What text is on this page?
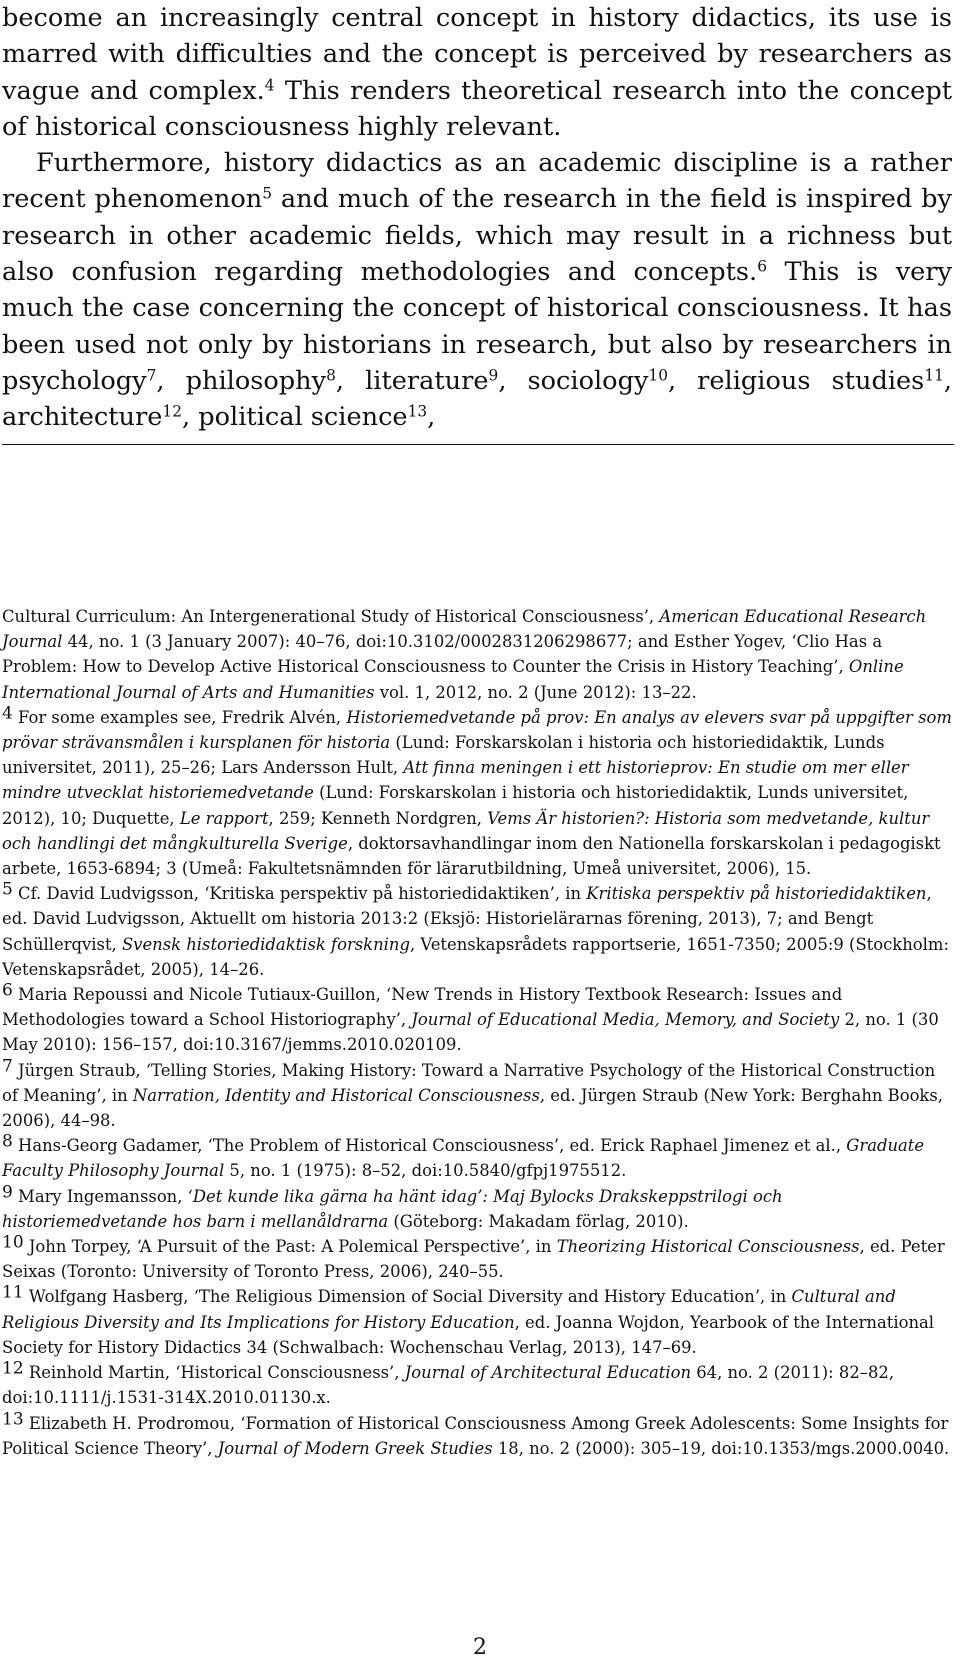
become an increasingly central concept in history didactics, its use is marred with difficulties and the concept is perceived by researchers as vague and complex.$^4$ This renders theoretical research into the concept of historical consciousness highly relevant.

Furthermore, history didactics as an academic discipline is a rather recent phenomenon$^5$ and much of the research in the field is inspired by research in other academic fields, which may result in a richness but also confusion regarding methodologies and concepts.$^6$ This is very much the case concerning the concept of historical consciousness. It has been used not only by historians in research, but also by researchers in psychology$^7$, philosophy$^8$, literature$^9$, sociology$^{10}$, religious studies$^{11}$, architecture$^{12}$, political science$^{13}$,

Cultural Curriculum: An Intergenerational Study of Historical Consciousness’, American Educational Research Journal 44, no. 1 (3 January 2007): 40–76, doi:10.3102/0002831206298677; and Esther Yogev, ‘Clio Has a Problem: How to Develop Active Historical Consciousness to Counter the Crisis in History Teaching’, Online International Journal of Arts and Humanities vol. 1, 2012, no. 2 (June 2012): 13–22.

4 For some examples see, Fredrik Alvén, Historiemedvetande på prov: En analys av elevers svar på uppgifter som prövar strävansmålen i kursplanen för historia (Lund: Forskarskolan i historia och historiedidaktik, Lunds universitet, 2011), 25–26; Lars Andersson Hult, Att finna meningen i ett historieprov: En studie om mer eller mindre utvecklat historiemedvetande (Lund: Forskarskolan i historia och historiedidaktik, Lunds universitet, 2012), 10; Duquette, Le rapport, 259; Kenneth Nordgren, Vems Är historien?: Historia som medvetande, kultur och handlingi det mångkulturella Sverige, doktorsavhandlingar inom den Nationella forskarskolan i pedagogiskt arbete, 1653-6894; 3 (Umeå: Fakultetsnämnden för lärarutbildning, Umeå universitet, 2006), 15.

5 Cf. David Ludvigsson, ‘Kritiska perspektiv på historiedidaktiken’, in Kritiska perspektiv på historiedidaktiken, ed. David Ludvigsson, Aktuellt om historia 2013:2 (Eksjö: Historielärarnas förening, 2013), 7; and Bengt Schüllerqvist, Svensk historiedidaktisk forskning, Vetenskapsrådets rapportserie, 1651-7350; 2005:9 (Stockholm: Vetenskapsrådet, 2005), 14–26.

6 Maria Repoussi and Nicole Tutiaux-Guillon, ‘New Trends in History Textbook Research: Issues and Methodologies toward a School Historiography’, Journal of Educational Media, Memory, and Society 2, no. 1 (30 May 2010): 156–157, doi:10.3167/jemms.2010.020109.

7 Jürgen Straub, ‘Telling Stories, Making History: Toward a Narrative Psychology of the Historical Construction of Meaning’, in Narration, Identity and Historical Consciousness, ed. Jürgen Straub (New York: Berghahn Books, 2006), 44–98.

8 Hans-Georg Gadamer, ‘The Problem of Historical Consciousness’, ed. Erick Raphael Jimenez et al., Graduate Faculty Philosophy Journal 5, no. 1 (1975): 8–52, doi:10.5840/gfpj1975512.

9 Mary Ingemansson, ‘Det kunde lika gärna ha hänt idag’: Maj Bylocks Drakskeppstrilogi och historiemedvetande hos barn i mellanåldrarna (Göteborg: Makadam förlag, 2010).

10 John Torpey, ‘A Pursuit of the Past: A Polemical Perspective’, in Theorizing Historical Consciousness, ed. Peter Seixas (Toronto: University of Toronto Press, 2006), 240–55.

11 Wolfgang Hasberg, ‘The Religious Dimension of Social Diversity and History Education’, in Cultural and Religious Diversity and Its Implications for History Education, ed. Joanna Wojdon, Yearbook of the International Society for History Didactics 34 (Schwalbach: Wochenschau Verlag, 2013), 147–69.

12 Reinhold Martin, ‘Historical Consciousness’, Journal of Architectural Education 64, no. 2 (2011): 82–82, doi:10.1111/j.1531-314X.2010.01130.x.

13 Elizabeth H. Prodromou, ‘Formation of Historical Consciousness Among Greek Adolescents: Some Insights for Political Science Theory’, Journal of Modern Greek Studies 18, no. 2 (2000): 305–19, doi:10.1353/mgs.2000.0040.

2
